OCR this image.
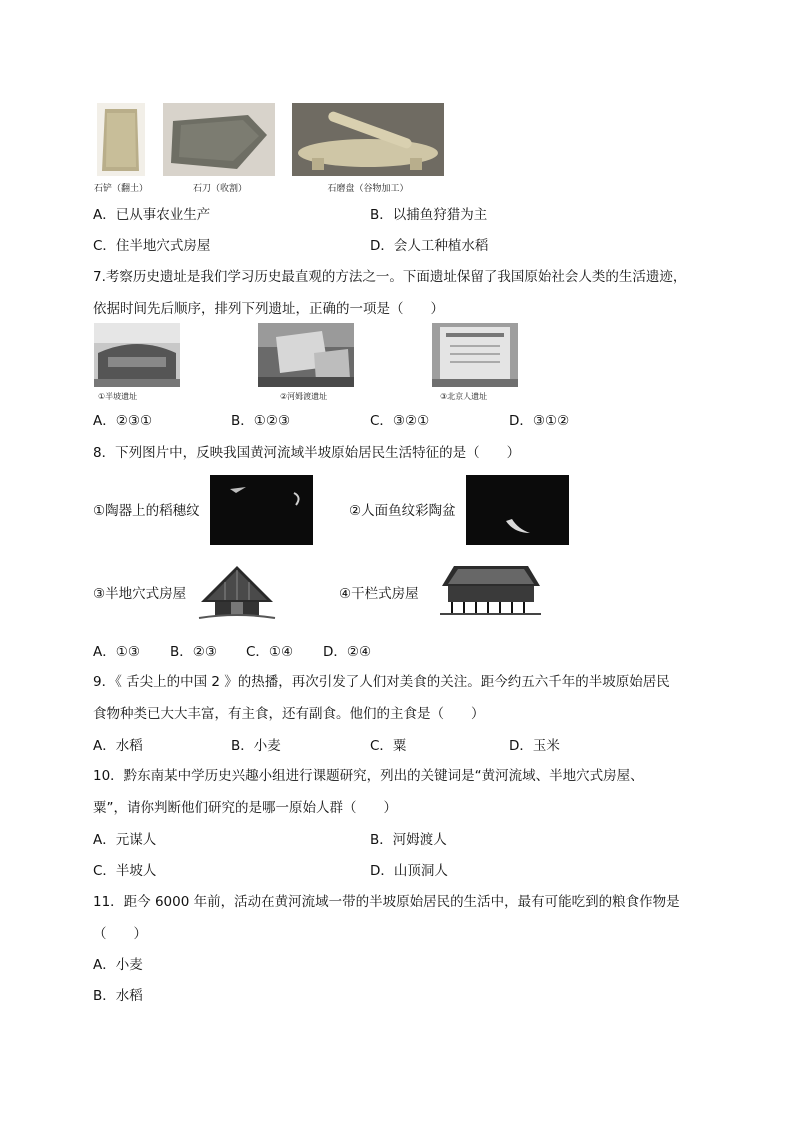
石铲（翻土）	石刀（收割）	石磨盘（谷物加工）
A．已从事农业生产	B．以捕鱼狩猎为主
C．住半地穴式房屋	D．会人工种植水稻
7.考察历史遗址是我们学习历史最直观的方法之一。下面遗址保留了我国原始社会人类的生活遗迹，
依据时间先后顺序，排列下列遗址，正确的一项是（　　）
①半坡遗址	②河姆渡遗址	③北京人遗址
A．②③①	B．①②③	C．③②①	D．③①②
8．下列图片中，反映我国黄河流域半坡原始居民生活特征的是（　　）
①陶器上的稻穗纹	②人面鱼纹彩陶盆
③半地穴式房屋	④干栏式房屋
A．①③ B．②③ C．①④ D．②④
9．《 舌尖上的中国 2 》的热播，再次引发了人们对美食的关注。距今约五六千年的半坡原始居民
食物种类已大大丰富，有主食，还有副食。他们的主食是（　　）
A．水稻	B．小麦	C．粟	D．玉米
10．黔东南某中学历史兴趣小组进行课题研究，列出的关键词是“黄河流域、半地穴式房屋、
粟”，请你判断他们研究的是哪一原始人群（　　）
A．元谋人	B．河姆渡人
C．半坡人	D．山顶洞人
11．距今 6000 年前，活动在黄河流域一带的半坡原始居民的生活中，最有可能吃到的粮食作物是
（　　）
A．小麦
B．水稻
